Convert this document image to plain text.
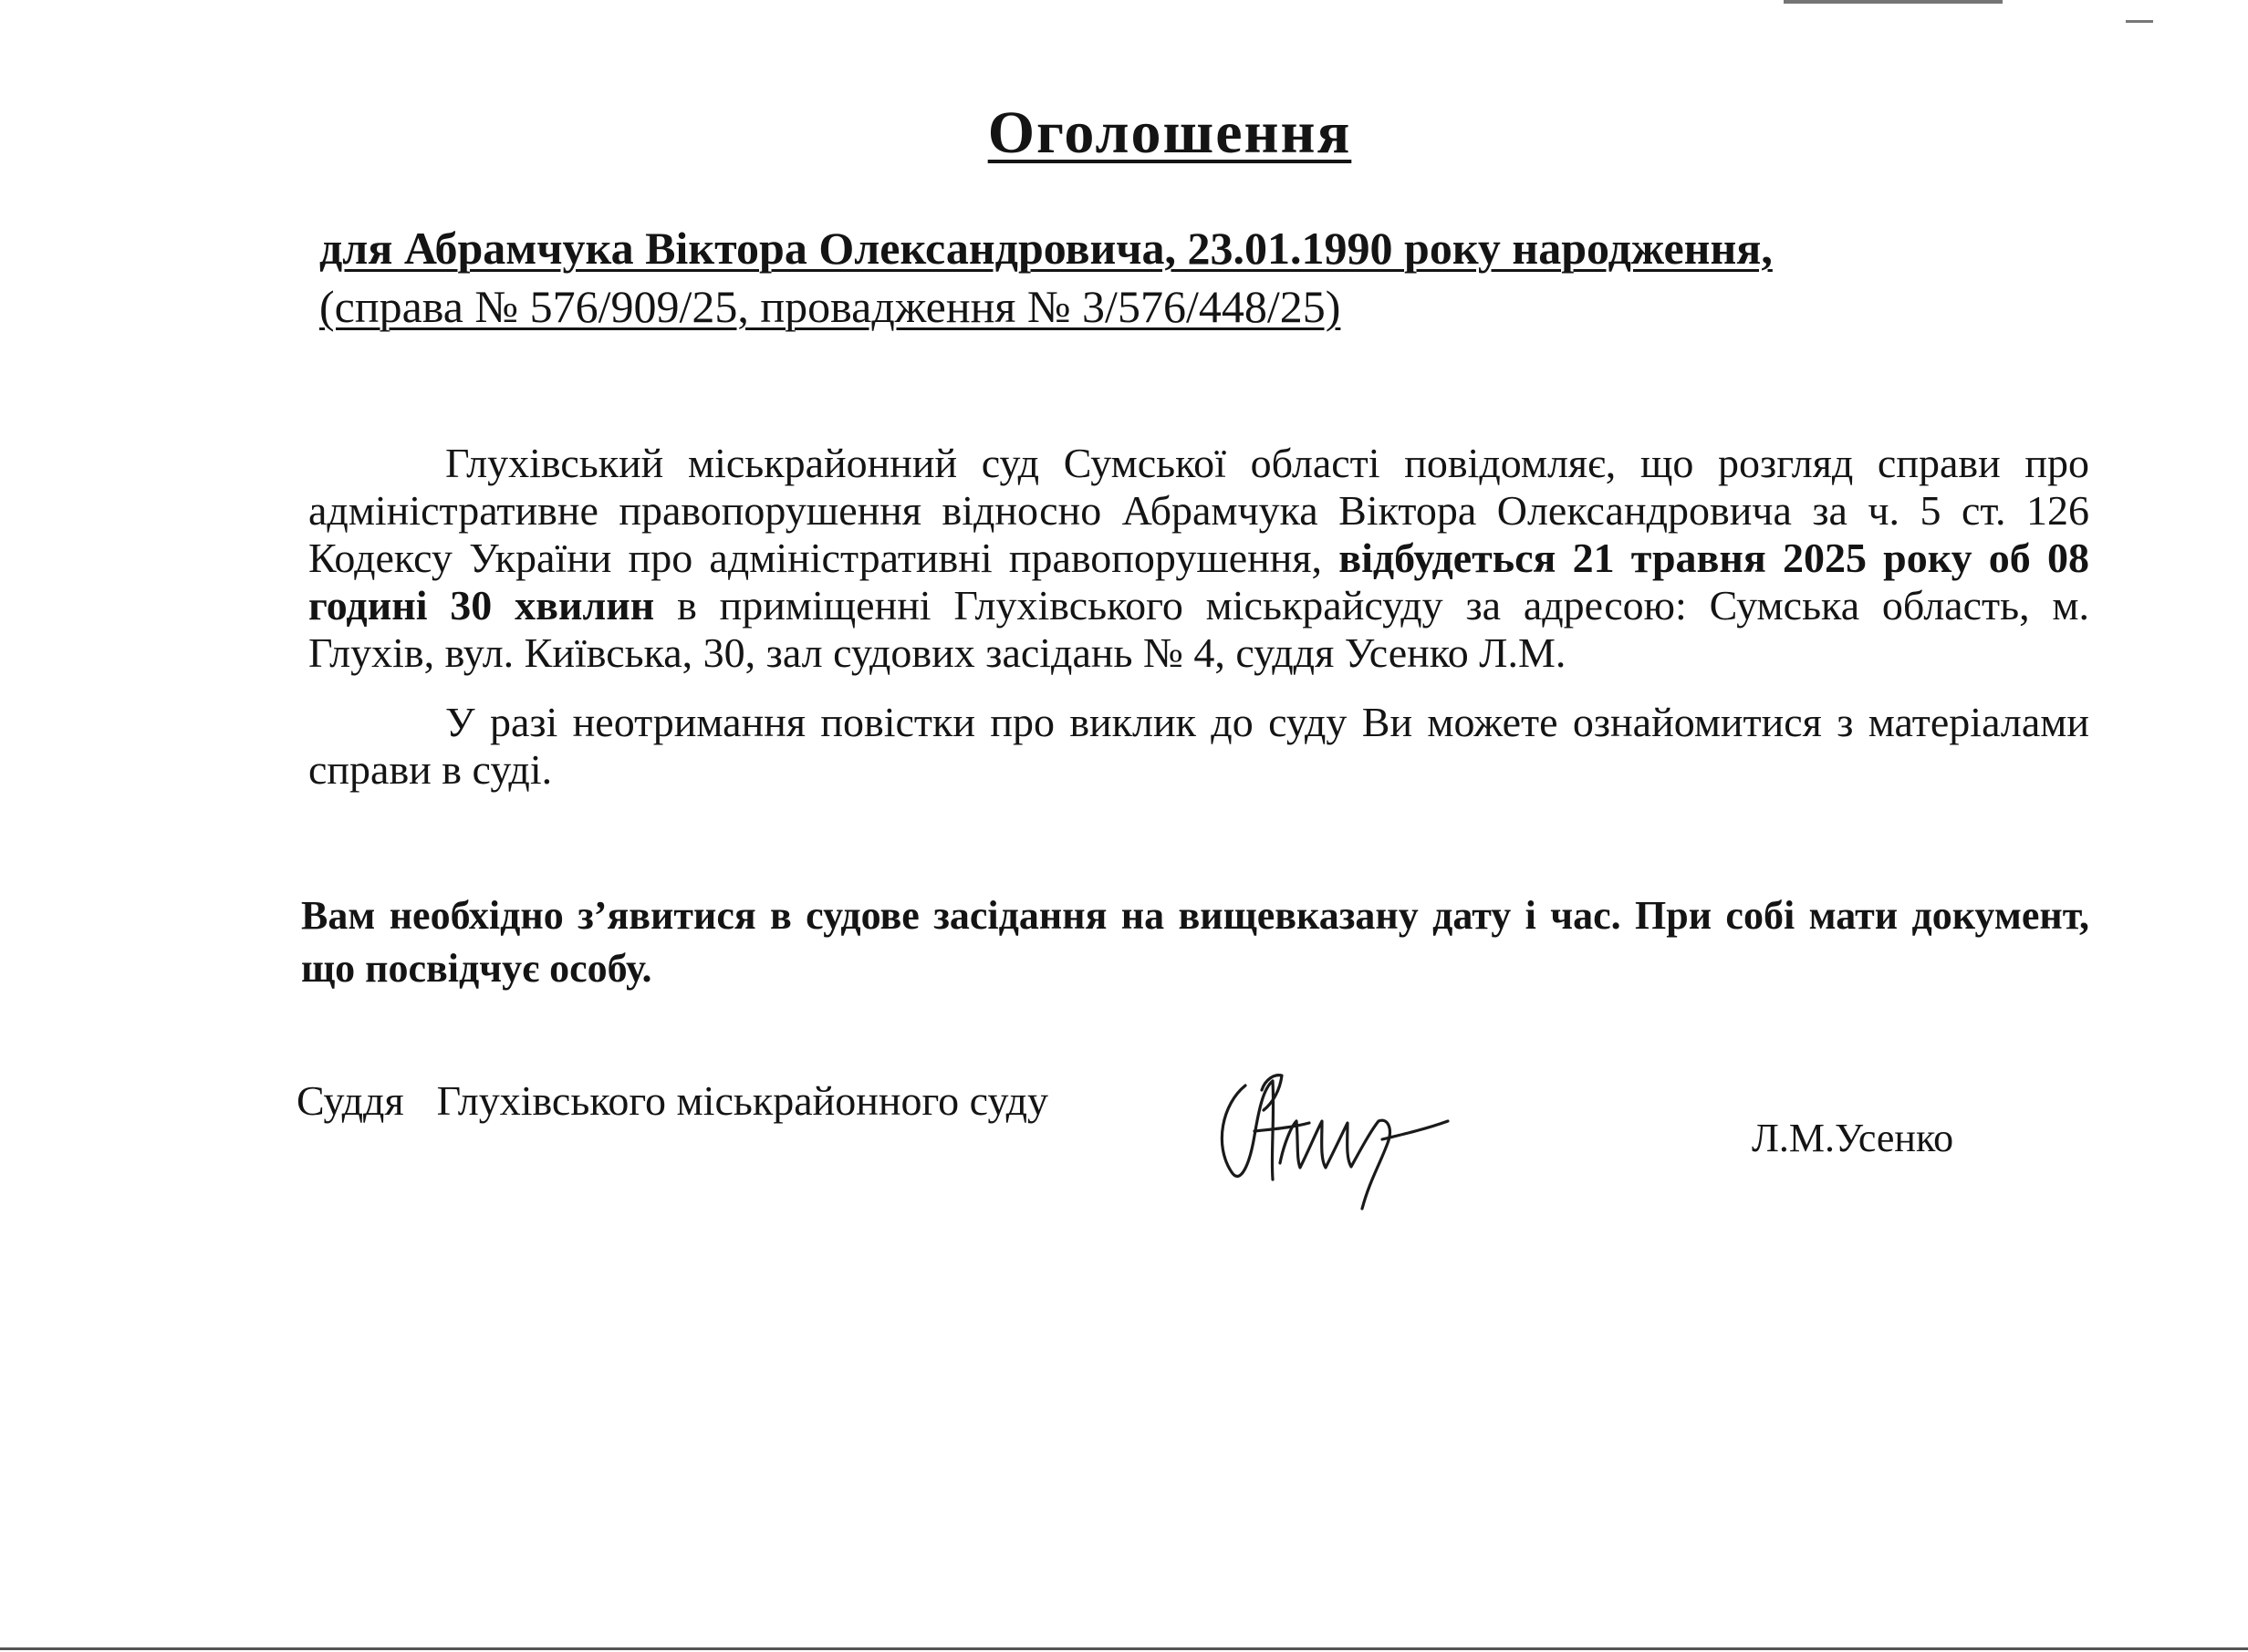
Оголошення
для Абрамчука Віктора Олександровича, 23.01.1990 року народження,
(справа № 576/909/25, провадження № 3/576/448/25)

Глухівський міськрайонний суд Сумської області повідомляє, що розгляд справи про адміністративне правопорушення відносно Абрамчука Віктора Олександровича за ч. 5 ст. 126 Кодексу України про адміністративні правопорушення, відбудеться 21 травня 2025 року об 08 годині 30 хвилин в приміщенні Глухівського міськрайсуду за адресою: Сумська область, м. Глухів, вул. Київська, 30, зал судових засідань № 4, суддя Усенко Л.М.

У разі неотримання повістки про виклик до суду Ви можете ознайомитися з матеріалами справи в суді.

Вам необхідно з’явитися в судове засідання на вищевказану дату і час. При собі мати документ, що посвідчує особу.
Суддя Глухівського міськрайонного суду
Л.М.Усенко
